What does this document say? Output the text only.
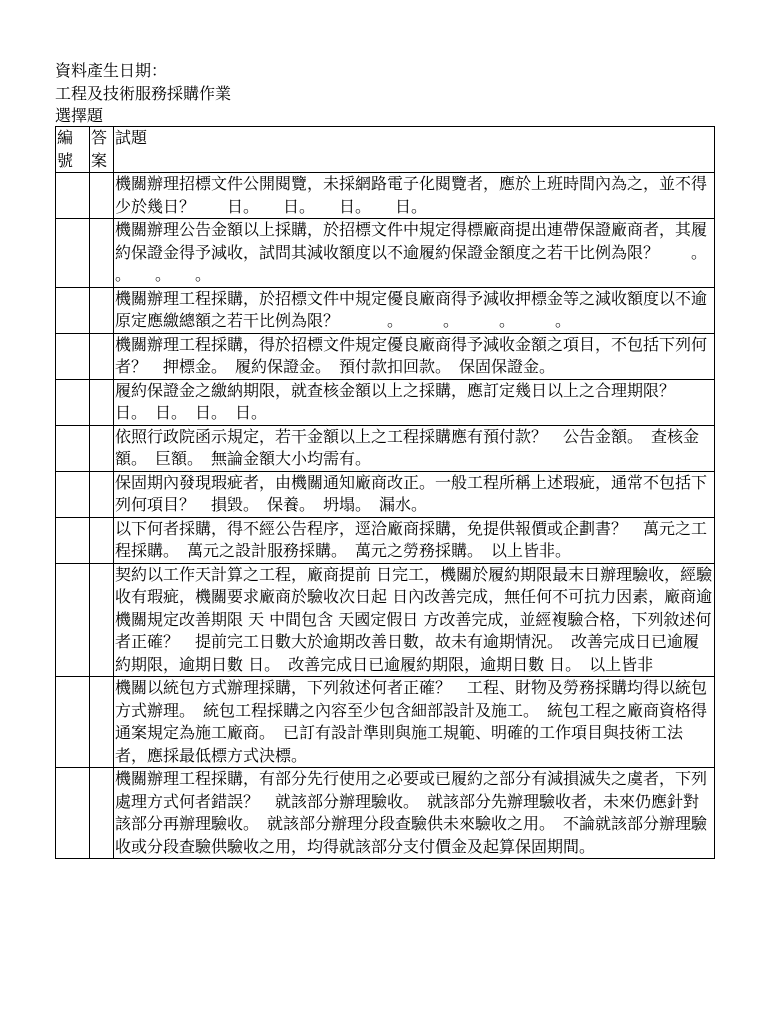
資料產生日期：
工程及技術服務採購作業
選擇題
編號	答案	試題
		機關辦理招標文件公開閱覽，未採網路電子化閱覽者，應於上班時間內為之，並不得少於幾日？　　日。　　日。　　日。　　日。
		機關辦理公告金額以上採購，於招標文件中規定得標廠商提出連帶保證廠商者，其履約保證金得予減收，試問其減收額度以不逾履約保證金額度之若干比例為限？　　。　　。　　。　　。
		機關辦理工程採購，於招標文件中規定優良廠商得予減收押標金等之減收額度以不逾原定應繳總額之若干比例為限？　　　。　　　。　　　。　　　。
		機關辦理工程採購，得於招標文件規定優良廠商得予減收金額之項目，不包括下列何者？　押標金。　履約保證金。　預付款扣回款。　保固保證金。
		履約保證金之繳納期限，就查核金額以上之採購，應訂定幾日以上之合理期限？　日。　日。　日。　日。
		依照行政院函示規定，若干金額以上之工程採購應有預付款？　公告金額。　查核金額。　巨額。　無論金額大小均需有。
		保固期內發現瑕疵者，由機關通知廠商改正。一般工程所稱上述瑕疵，通常不包括下列何項目？　損毀。　保養。　坍塌。　漏水。
		以下何者採購，得不經公告程序，逕洽廠商採購，免提供報價或企劃書？　萬元之工程採購。　萬元之設計服務採購。　萬元之勞務採購。　以上皆非。
		契約以工作天計算之工程，廠商提前 日完工，機關於履約期限最末日辦理驗收，經驗收有瑕疵，機關要求廠商於驗收次日起 日內改善完成，無任何不可抗力因素，廠商逾機關規定改善期限 天 中間包含 天國定假日 方改善完成，並經複驗合格，下列敘述何者正確？　提前完工日數大於逾期改善日數，故未有逾期情況。　改善完成日已逾履約期限，逾期日數 日。　改善完成日已逾履約期限，逾期日數 日。　以上皆非
		機關以統包方式辦理採購，下列敘述何者正確？　工程、財物及勞務採購均得以統包方式辦理。　統包工程採購之內容至少包含細部設計及施工。　統包工程之廠商資格得通案規定為施工廠商。　已訂有設計準則與施工規範、明確的工作項目與技術工法者，應採最低標方式決標。
		機關辦理工程採購，有部分先行使用之必要或已履約之部分有減損滅失之虞者，下列處理方式何者錯誤？　就該部分辦理驗收。　就該部分先辦理驗收者，未來仍應針對該部分再辦理驗收。　就該部分辦理分段查驗供未來驗收之用。　不論就該部分辦理驗收或分段查驗供驗收之用，均得就該部分支付價金及起算保固期間。
